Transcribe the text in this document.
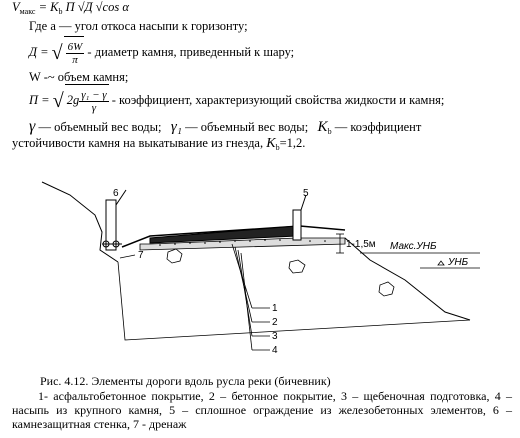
$V_{макс} = K_b$ П √Д √cos α
Где а — угол откоса насыпи к горизонту;
Д = √ $\frac{6W}{\pi}$ - диаметр камня, приведенный к шару;
W -~ объем камня;
П = √ $2g \frac{\text{γ₁ − γ}}{\gamma}$ - коэффициент, характеризующий свойства жидкости и камня;
γ — объемный вес воды; γ₁ — объемный вес воды; $K_b$ — коэффициент
устойчивости камня на выкатывание из гнезда, $K_b=1,2$.
6	5
7
1-1,5м Макс.УНБ
УНБ
1
2
3
4
Рис. 4.12. Элементы дороги вдоль русла реки (бичевник)
1- асфальтобетонное покрытие, 2 – бетонное покрытие, 3 – щебеночная подготовка, 4 – насыпь из крупного камня, 5 – сплошное ограждение из железобетонных элементов, 6 – камнезащитная стенка, 7 - дренаж
